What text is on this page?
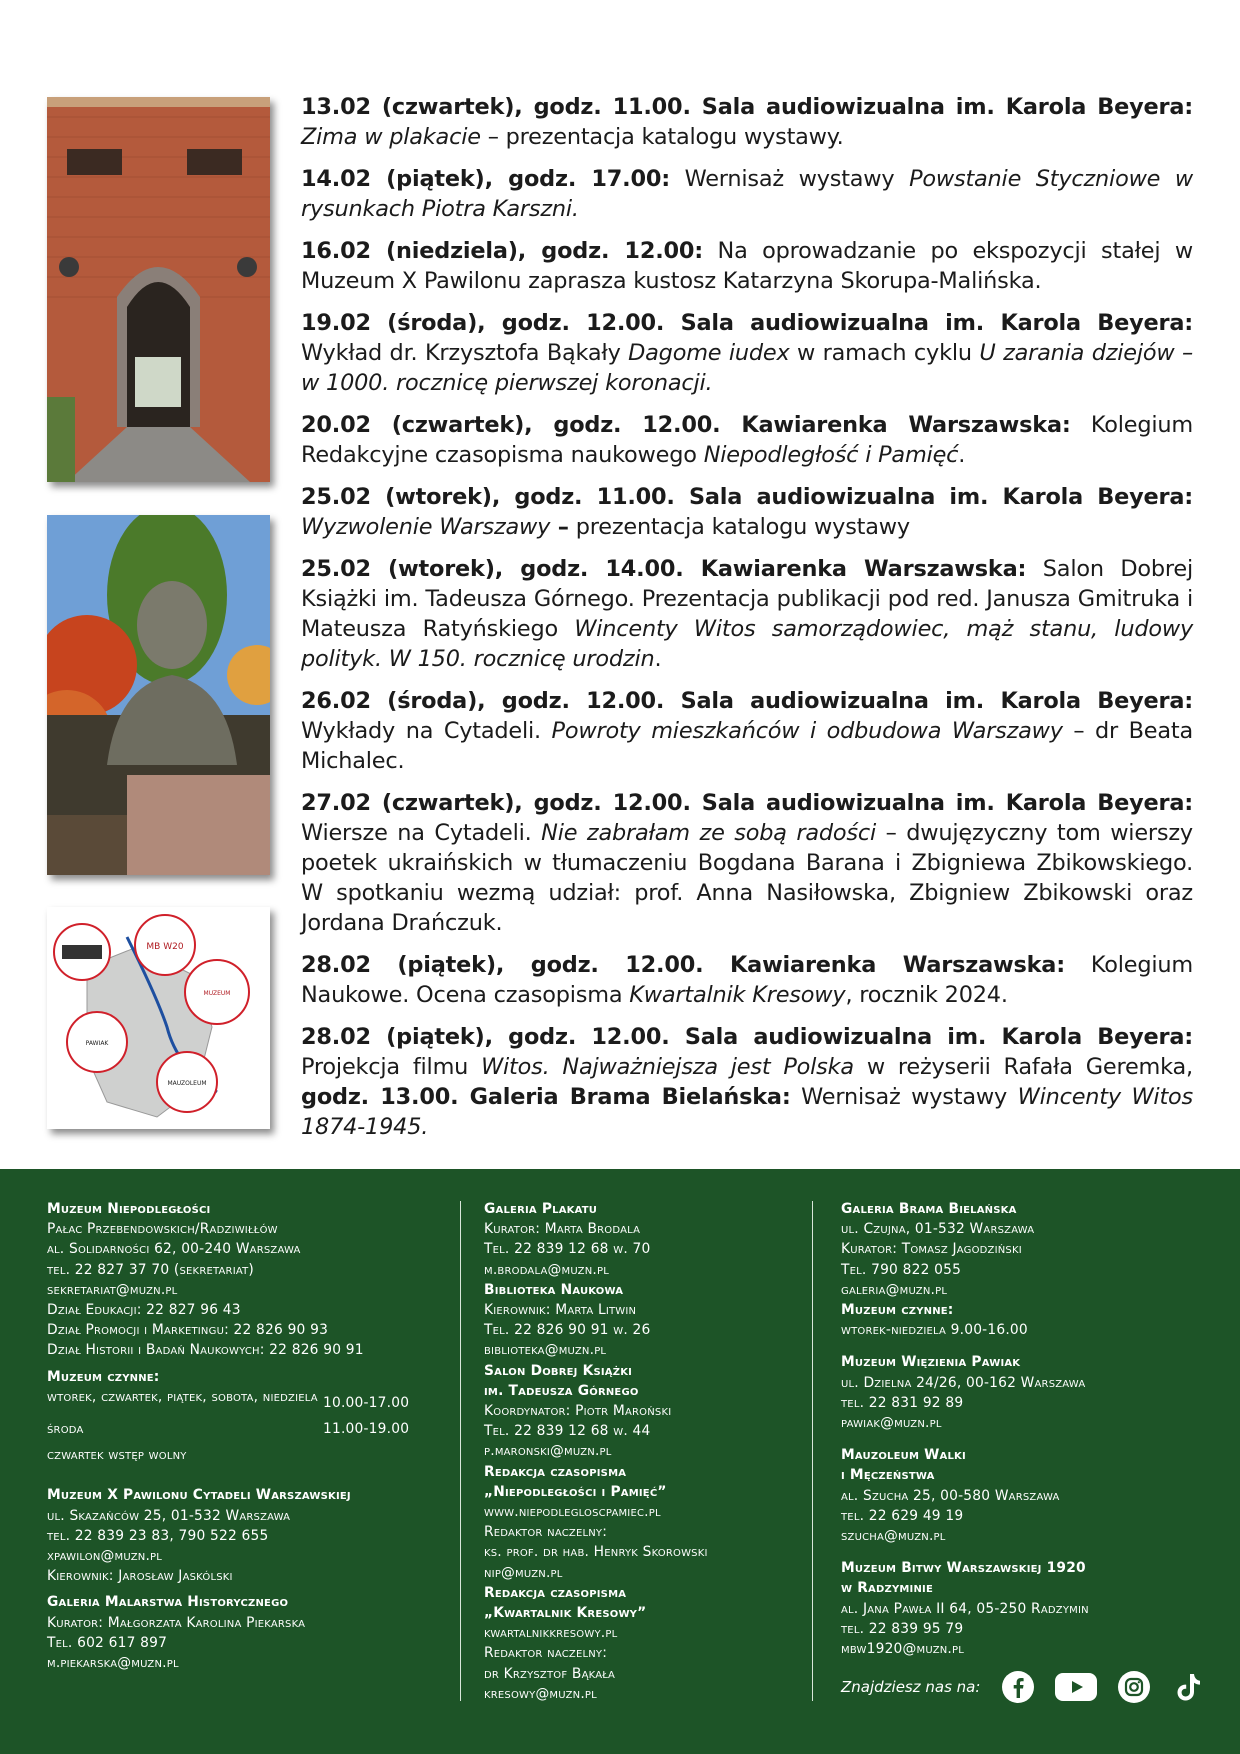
MB W20
MUZEUM
PAWIAK
MAUZOLEUM

13.02 (czwartek), godz. 11.00. Sala audiowizualna im. Karola Beyera: Zima w plakacie – prezentacja katalogu wystawy.

14.02 (piątek), godz. 17.00: Wernisaż wystawy Powstanie Styczniowe w rysunkach Piotra Karszni.

16.02 (niedziela), godz. 12.00: Na oprowadzanie po ekspozycji stałej w Muzeum X Pawilonu zaprasza kustosz Katarzyna Skorupa-Malińska.

19.02 (środa), godz. 12.00. Sala audiowizualna im. Karola Beyera: Wykład dr. Krzysztofa Bąkały Dagome iudex w ramach cyklu U zarania dziejów – w 1000. rocznicę pierwszej koronacji.

20.02 (czwartek), godz. 12.00. Kawiarenka Warszawska: Kolegium Redakcyjne czasopisma naukowego Niepodległość i Pamięć.

25.02 (wtorek), godz. 11.00. Sala audiowizualna im. Karola Beyera: Wyzwolenie Warszawy – prezentacja katalogu wystawy

25.02 (wtorek), godz. 14.00. Kawiarenka Warszawska: Salon Dobrej Książki im. Tadeusza Górnego. Prezentacja publikacji pod red. Janusza Gmitruka i Mateusza Ratyńskiego Wincenty Witos samorządowiec, mąż stanu, ludowy polityk. W 150. rocznicę urodzin.

26.02 (środa), godz. 12.00. Sala audiowizualna im. Karola Beyera: Wykłady na Cytadeli. Powroty mieszkańców i odbudowa Warszawy – dr Beata Michalec.

27.02 (czwartek), godz. 12.00. Sala audiowizualna im. Karola Beyera: Wiersze na Cytadeli. Nie zabrałam ze sobą radości – dwujęzyczny tom wierszy poetek ukraińskich w tłumaczeniu Bogdana Barana i Zbigniewa Zbikowskiego. W spotkaniu wezmą udział: prof. Anna Nasiłowska, Zbigniew Zbikowski oraz Jordana Drańczuk.

28.02 (piątek), godz. 12.00. Kawiarenka Warszawska: Kolegium Naukowe. Ocena czasopisma Kwartalnik Kresowy, rocznik 2024.

28.02 (piątek), godz. 12.00. Sala audiowizualna im. Karola Beyera: Projekcja filmu Witos. Najważniejsza jest Polska w reżyserii Rafała Geremka, godz. 13.00. Galeria Brama Bielańska: Wernisaż wystawy Wincenty Witos 1874-1945.

Muzeum Niepodległości
Pałac Przebendowskich/Radziwiłłów
al. Solidarności 62, 00-240 Warszawa
tel. 22 827 37 70 (sekretariat)
sekretariat@muzn.pl
Dział Edukacji: 22 827 96 43
Dział Promocji i Marketingu: 22 826 90 93
Dział Historii i Badań Naukowych: 22 826 90 91
Muzeum czynne:
wtorek, czwartek, piątek, sobota, niedziela 10.00-17.00
środa	11.00-19.00
czwartek wstęp wolny
Muzeum X Pawilonu Cytadeli Warszawskiej
ul. Skazańców 25, 01-532 Warszawa
tel. 22 839 23 83, 790 522 655
xpawilon@muzn.pl
Kierownik: Jarosław Jaskólski
Galeria Malarstwa Historycznego
Kurator: Małgorzata Karolina Piekarska
Tel. 602 617 897
m.piekarska@muzn.pl
Galeria Plakatu
Kurator: Marta Brodala
Tel. 22 839 12 68 w. 70
m.brodala@muzn.pl
Biblioteka Naukowa
Kierownik: Marta Litwin
Tel. 22 826 90 91 w. 26
biblioteka@muzn.pl
Salon Dobrej Książki
im. Tadeusza Górnego
Koordynator: Piotr Maroński
Tel. 22 839 12 68 w. 44
p.maronski@muzn.pl
Redakcja czasopisma
„Niepodległości i Pamięć”
www.niepodlegloscpamiec.pl
Redaktor naczelny:
ks. prof. dr hab. Henryk Skorowski
nip@muzn.pl
Redakcja czasopisma
„Kwartalnik Kresowy”
kwartalnikkresowy.pl
Redaktor naczelny:
dr Krzysztof Bąkała
kresowy@muzn.pl
Galeria Brama Bielańska
ul. Czujna, 01-532 Warszawa
Kurator: Tomasz Jagodziński
Tel. 790 822 055
galeria@muzn.pl
Muzeum czynne:
wtorek-niedziela 9.00-16.00
Muzeum Więzienia Pawiak
ul. Dzielna 24/26, 00-162 Warszawa
tel. 22 831 92 89
pawiak@muzn.pl
Mauzoleum Walki
i Męczeństwa
al. Szucha 25, 00-580 Warszawa
tel. 22 629 49 19
szucha@muzn.pl
Muzeum Bitwy Warszawskiej 1920
w Radzyminie
al. Jana Pawła II 64, 05-250 Radzymin
tel. 22 839 95 79
mbw1920@muzn.pl
Znajdziesz nas na:
